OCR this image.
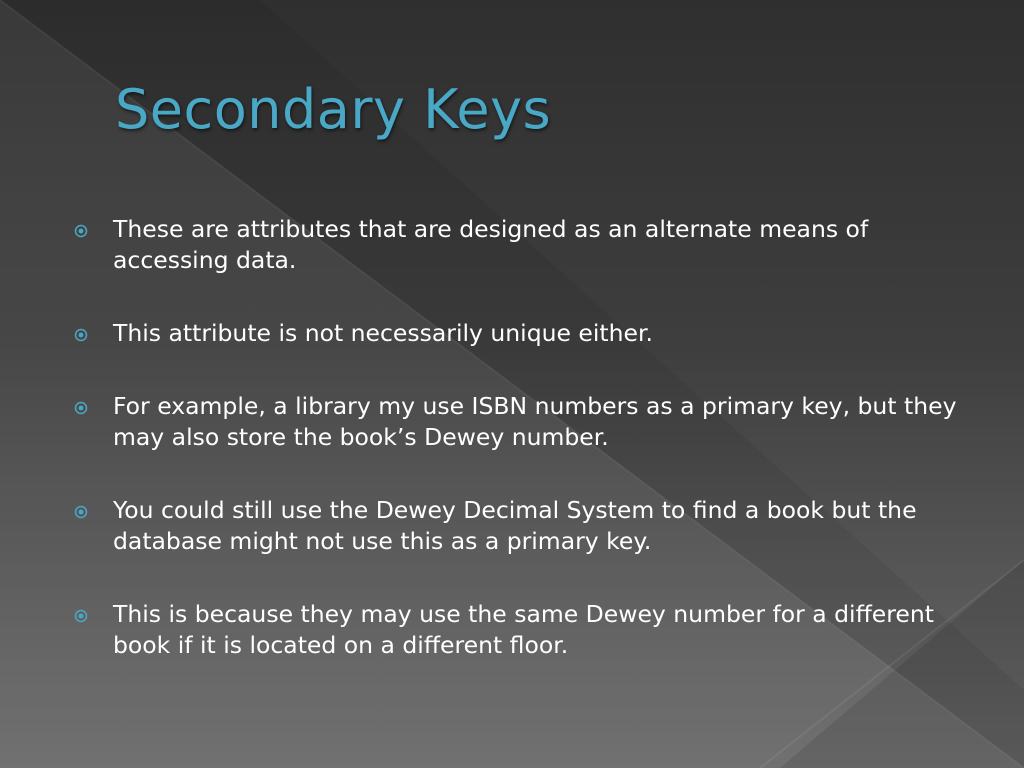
Secondary Keys
These are attributes that are designed as an alternate means of accessing data.
This attribute is not necessarily unique either.
For example, a library my use ISBN numbers as a primary key, but they may also store the book’s Dewey number.
You could still use the Dewey Decimal System to find a book but the database might not use this as a primary key.
This is because they may use the same Dewey number for a different book if it is located on a different floor.
